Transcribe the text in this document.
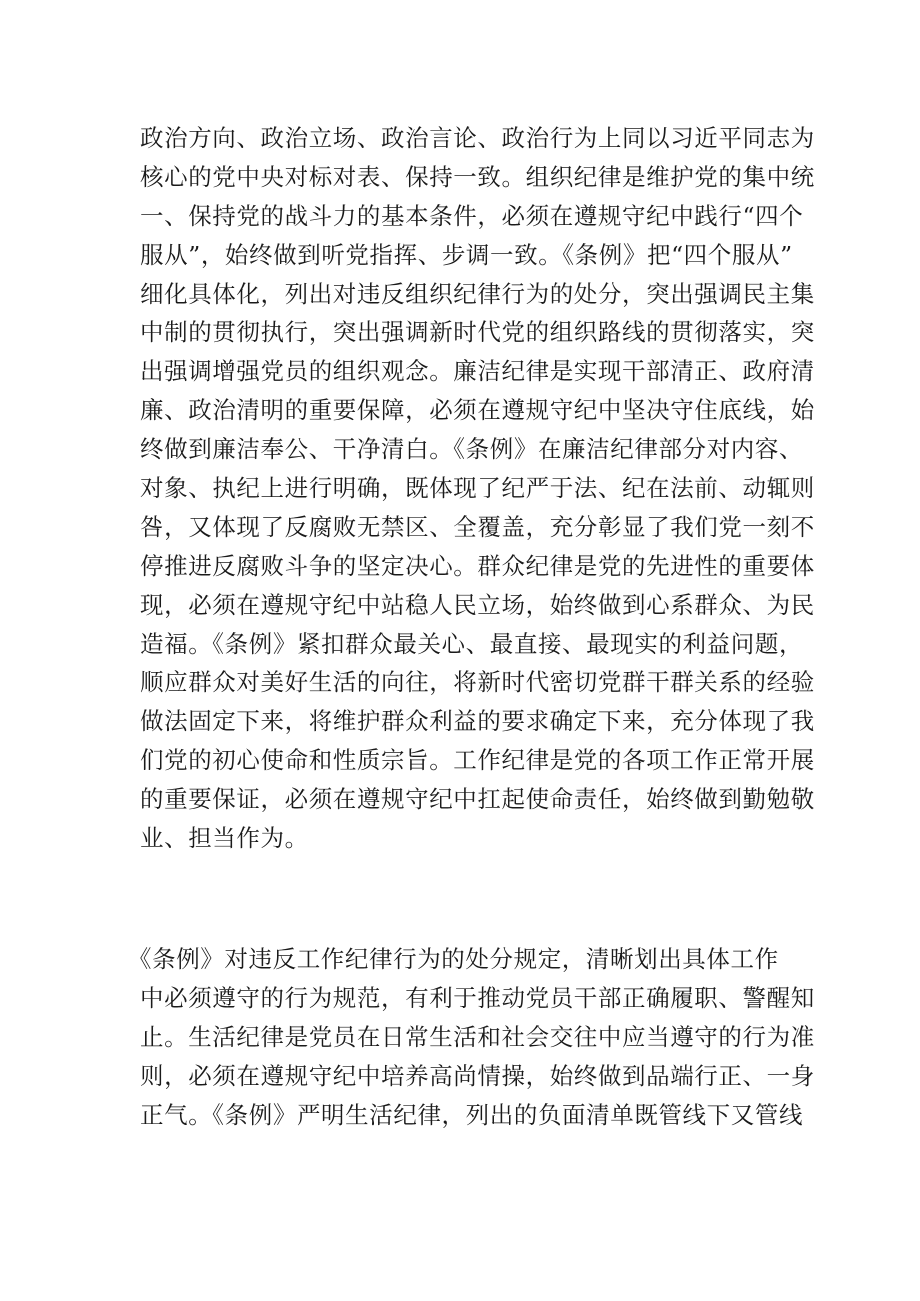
政治方向、政治立场、政治言论、政治行为上同以习近平同志为
核心的党中央对标对表、保持一致。组织纪律是维护党的集中统
一、保持党的战斗力的基本条件，必须在遵规守纪中践行“四个
服从”，始终做到听党指挥、步调一致。《条例》把“四个服从”
细化具体化，列出对违反组织纪律行为的处分，突出强调民主集
中制的贯彻执行，突出强调新时代党的组织路线的贯彻落实，突
出强调增强党员的组织观念。廉洁纪律是实现干部清正、政府清
廉、政治清明的重要保障，必须在遵规守纪中坚决守住底线，始
终做到廉洁奉公、干净清白。《条例》在廉洁纪律部分对内容、
对象、执纪上进行明确，既体现了纪严于法、纪在法前、动辄则
咎，又体现了反腐败无禁区、全覆盖，充分彰显了我们党一刻不
停推进反腐败斗争的坚定决心。群众纪律是党的先进性的重要体
现，必须在遵规守纪中站稳人民立场，始终做到心系群众、为民
造福。《条例》紧扣群众最关心、最直接、最现实的利益问题，
顺应群众对美好生活的向往，将新时代密切党群干群关系的经验
做法固定下来，将维护群众利益的要求确定下来，充分体现了我
们党的初心使命和性质宗旨。工作纪律是党的各项工作正常开展
的重要保证，必须在遵规守纪中扛起使命责任，始终做到勤勉敬
业、担当作为。
《条例》对违反工作纪律行为的处分规定，清晰划出具体工作
中必须遵守的行为规范，有利于推动党员干部正确履职、警醒知
止。生活纪律是党员在日常生活和社会交往中应当遵守的行为准
则，必须在遵规守纪中培养高尚情操，始终做到品端行正、一身
正气。《条例》严明生活纪律，列出的负面清单既管线下又管线
